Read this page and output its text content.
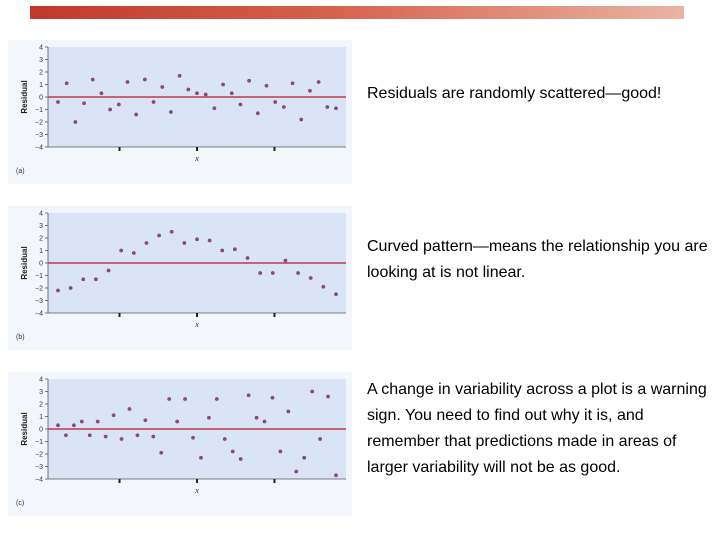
4
3
2
1
0
−1
−2
−3
−4
Residual
x
(a)
4
3
2
1
0
−1
−2
−3
−4
Residual
x
(b)
4
3
2
1
0
−1
−2
−3
−4
Residual
x
(c)
Residuals are randomly scattered—good!
Curved pattern—means the relationship you are looking at is not linear.
A change in variability across a plot is a warning sign. You need to find out why it is, and remember that predictions made in areas of larger variability will not be as good.
